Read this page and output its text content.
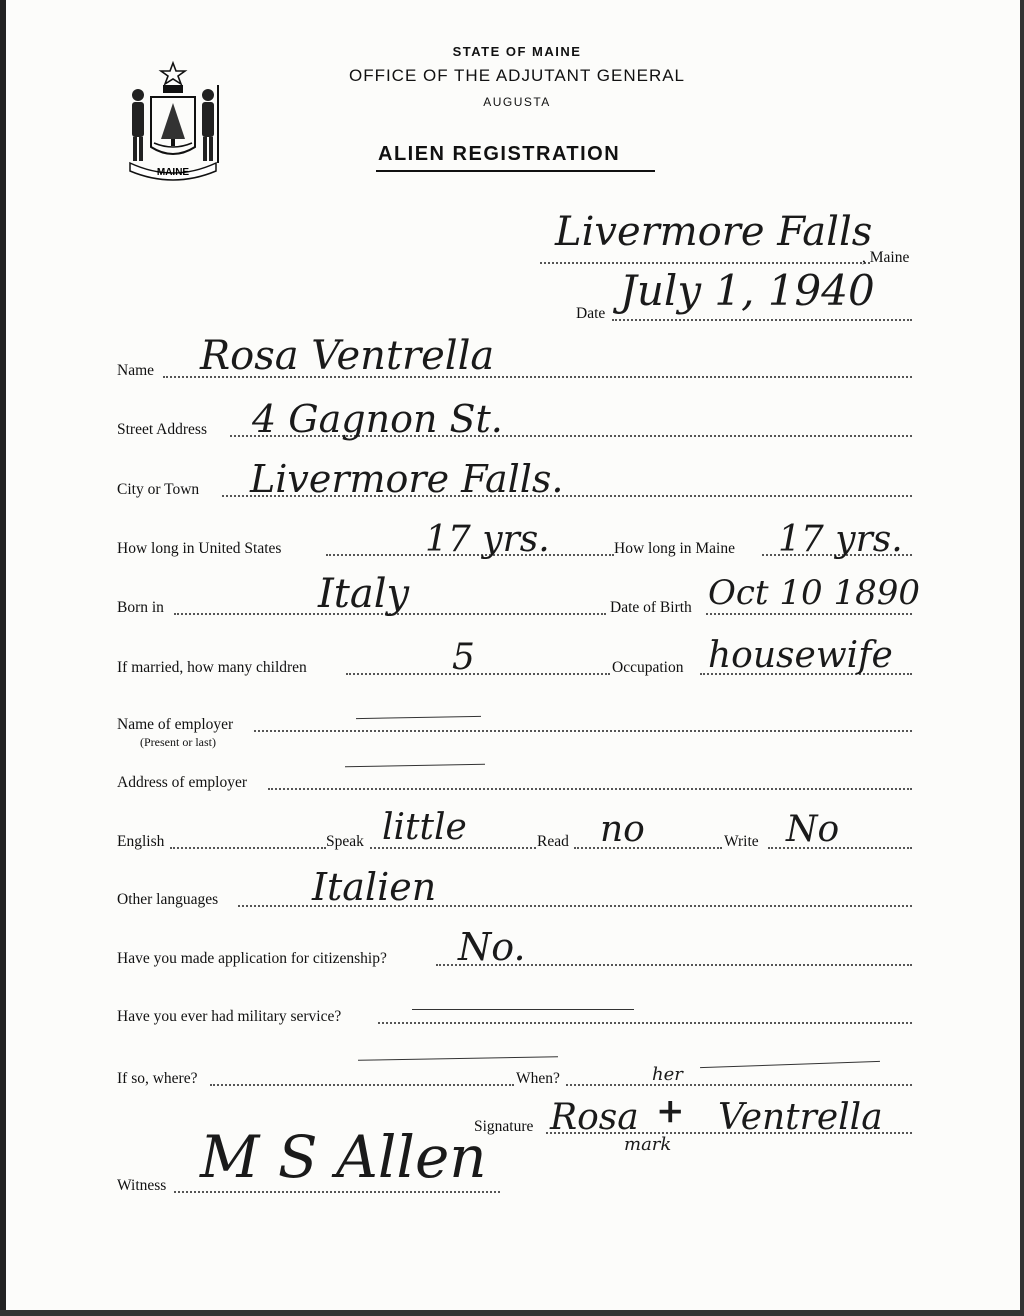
MAINE
STATE OF MAINE
OFFICE OF THE ADJUTANT GENERAL
AUGUSTA
ALIEN REGISTRATION
Livermore Falls
, Maine
Date July 1, 1940
Name Rosa Ventrella
Street Address 4 Gagnon St.
City or Town Livermore Falls.
How long in United States	17 yrs.	How long in Maine 17 yrs.
Born in	Italy	Date of Birth Oct 10 1890
If married, how many children	5	Occupation housewife
Name of employer
(Present or last)
Address of employer
English	Speak little	Read no	Write No
Other languages Italien
Have you made application for citizenship? No.
Have you ever had military service?
If so, where?	When?
Signature Rosa + Ventrella
her
mark
Witness M S Allen
